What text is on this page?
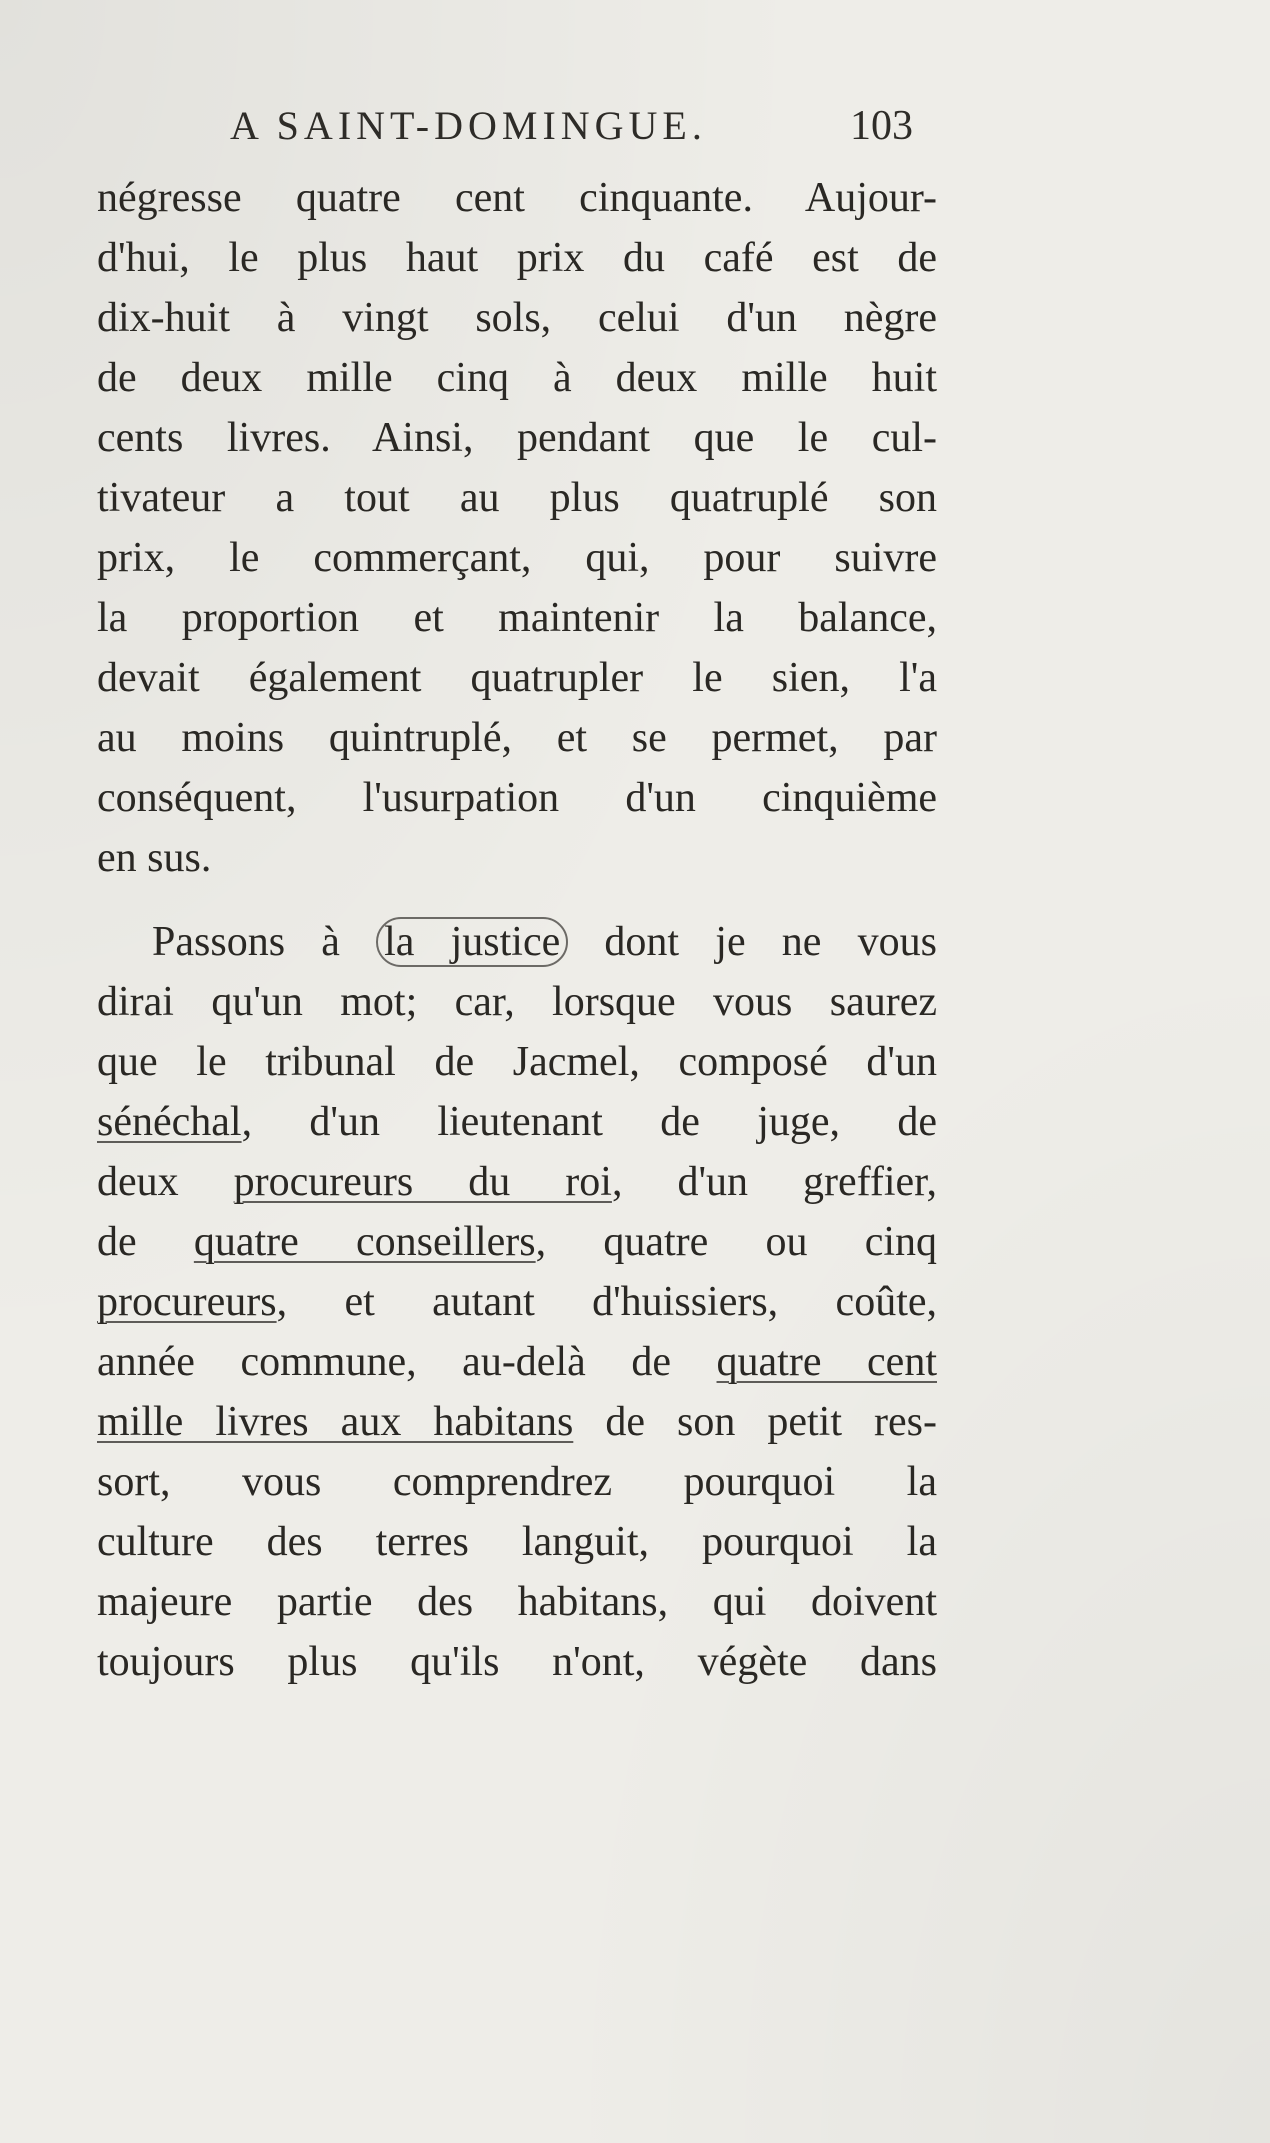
A SAINT-DOMINGUE.	103
négresse quatre cent cinquante. Aujour-
d'hui, le plus haut prix du café est de
dix-huit à vingt sols, celui d'un nègre
de deux mille cinq à deux mille huit
cents livres. Ainsi, pendant que le cul-
tivateur a tout au plus quatruplé son
prix, le commerçant, qui, pour suivre
la proportion et maintenir la balance,
devait également quatrupler le sien, l'a
au moins quintruplé, et se permet, par
conséquent, l'usurpation d'un cinquième
en sus.
Passons à la justice dont je ne vous
dirai qu'un mot; car, lorsque vous saurez
que le tribunal de Jacmel, composé d'un
sénéchal, d'un lieutenant de juge, de
deux procureurs du roi, d'un greffier,
de quatre conseillers, quatre ou cinq
procureurs, et autant d'huissiers, coûte,
année commune, au-delà de quatre cent
mille livres aux habitans de son petit res-
sort, vous comprendrez pourquoi la
culture des terres languit, pourquoi la
majeure partie des habitans, qui doivent
toujours plus qu'ils n'ont, végète dans
